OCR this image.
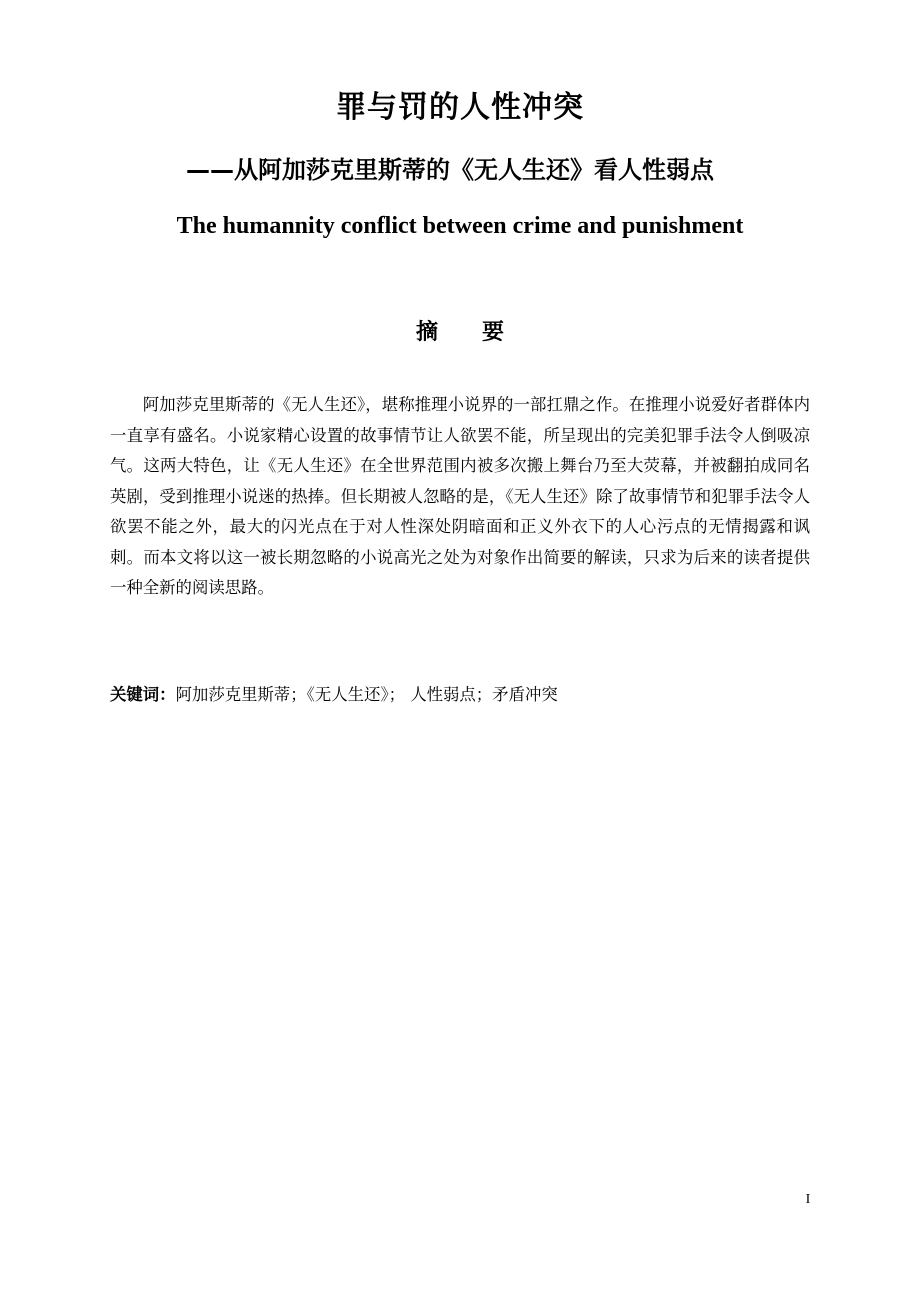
罪与罚的人性冲突
——从阿加莎克里斯蒂的《无人生还》看人性弱点
The humannity conflict between crime and punishment
摘要

阿加莎克里斯蒂的《无人生还》，堪称推理小说界的一部扛鼎之作。在推理小说爱好者群体内一直享有盛名。小说家精心设置的故事情节让人欲罢不能，所呈现出的完美犯罪手法令人倒吸凉气。这两大特色，让《无人生还》在全世界范围内被多次搬上舞台乃至大荧幕，并被翻拍成同名英剧，受到推理小说迷的热捧。但长期被人忽略的是，《无人生还》除了故事情节和犯罪手法令人欲罢不能之外，最大的闪光点在于对人性深处阴暗面和正义外衣下的人心污点的无情揭露和讽刺。而本文将以这一被长期忽略的小说高光之处为对象作出简要的解读，只求为后来的读者提供一种全新的阅读思路。

关键词：阿加莎克里斯蒂；《无人生还》； 人性弱点；矛盾冲突
I
